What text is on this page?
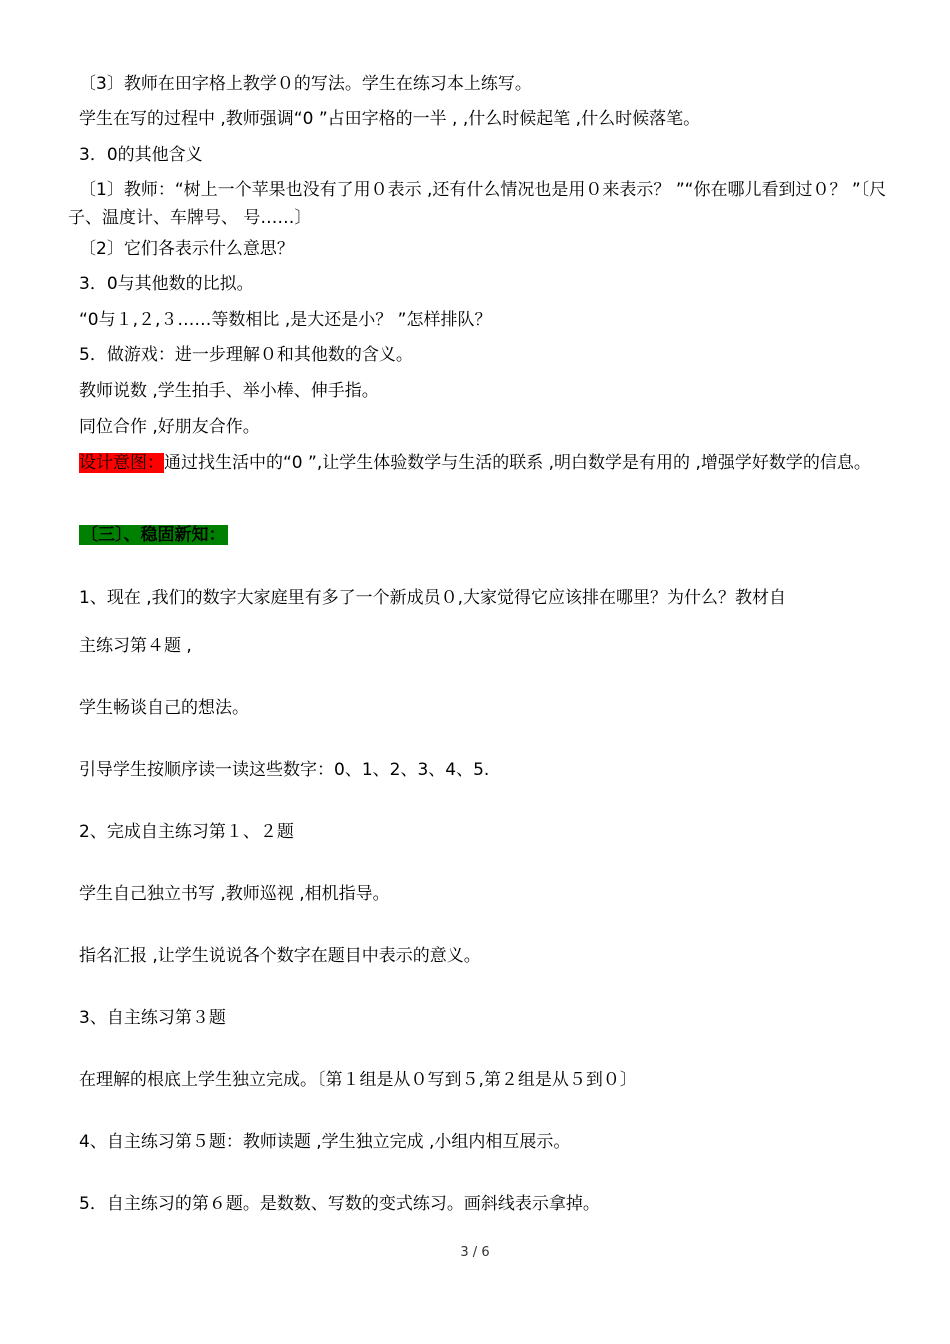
〔3〕教师在田字格上教学０的写法。学生在练习本上练写。
学生在写的过程中 ,教师强调“0 ”占田字格的一半 , ,什么时候起笔 ,什么时候落笔。
3．0的其他含义
〔1〕教师：“树上一个苹果也没有了用０表示 ,还有什么情况也是用０来表示？ ”“你在哪儿看到过０？ ”〔尺子、温度计、车牌号、 号……〕
〔2〕它们各表示什么意思？
3．0与其他数的比拟。
“0与１,２,３……等数相比 ,是大还是小？ ”怎样排队？
5．做游戏：进一步理解０和其他数的含义。
教师说数 ,学生拍手、举小棒、伸手指。
同位合作 ,好朋友合作。
设计意图：通过找生活中的“0 ”,让学生体验数学与生活的联系 ,明白数学是有用的 ,增强学好数学的信息。
〔三〕、稳固新知：
1、现在 ,我们的数字大家庭里有多了一个新成员０,大家觉得它应该排在哪里？为什么？教材自
主练习第４题 ,
学生畅谈自己的想法。
引导学生按顺序读一读这些数字：0、1、2、3、4、5.
2、完成自主练习第１、２题
学生自己独立书写 ,教师巡视 ,相机指导。
指名汇报 ,让学生说说各个数字在题目中表示的意义。
3、自主练习第３题
在理解的根底上学生独立完成。〔第１组是从０写到５,第２组是从５到０〕
4、自主练习第５题：教师读题 ,学生独立完成 ,小组内相互展示。
5．自主练习的第６题。是数数、写数的变式练习。画斜线表示拿掉。
3 / 6
